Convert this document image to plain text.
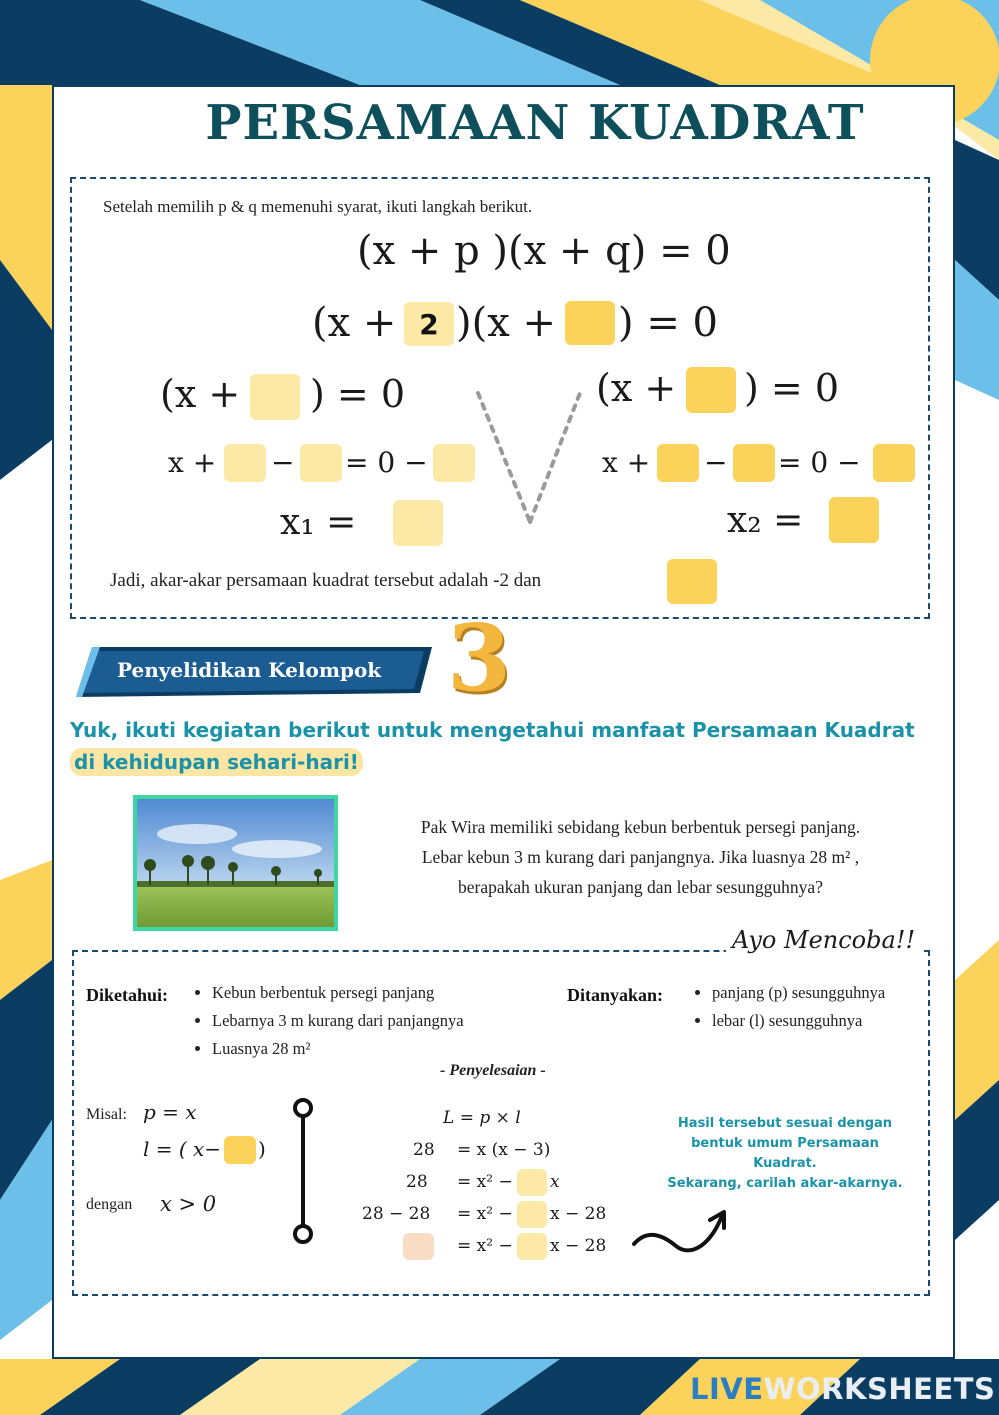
PERSAMAAN KUADRAT
Setelah memilih p & q memenuhi syarat, ikuti langkah berikut.
(x + p )(x + q) = 0
(x + 2 )(x + ) = 0
(x + ) = 0
x + − = 0 −
x₁ =
(x + ) = 0
x + − = 0 −
x₂ =
Jadi, akar-akar persamaan kuadrat tersebut adalah -2 dan
Penyelidikan Kelompok 3
Yuk, ikuti kegiatan berikut untuk mengetahui manfaat Persamaan Kuadrat
di kehidupan sehari-hari!
Pak Wira memiliki sebidang kebun berbentuk persegi panjang.
Lebar kebun 3 m kurang dari panjangnya. Jika luasnya 28 m² ,
berapakah ukuran panjang dan lebar sesungguhnya?
Ayo Mencoba!!
Diketahui:	• Kebun berbentuk persegi panjang
• Lebarnya 3 m kurang dari panjangnya
• Luasnya 28 m²
Ditanyakan:	• panjang (p) sesungguhnya
• lebar (l) sesungguhnya
- Penyelesaian -
Misal: p = x
l = ( x− )
dengan x > 0
L = p × l
28 = x (x − 3)
28 = x² − x
28 − 28 = x² − x − 28
= x² − x − 28
Hasil tersebut sesuai dengan bentuk umum Persamaan Kuadrat.
Sekarang, carilah akar-akarnya.
LIVEWORKSHEETS
